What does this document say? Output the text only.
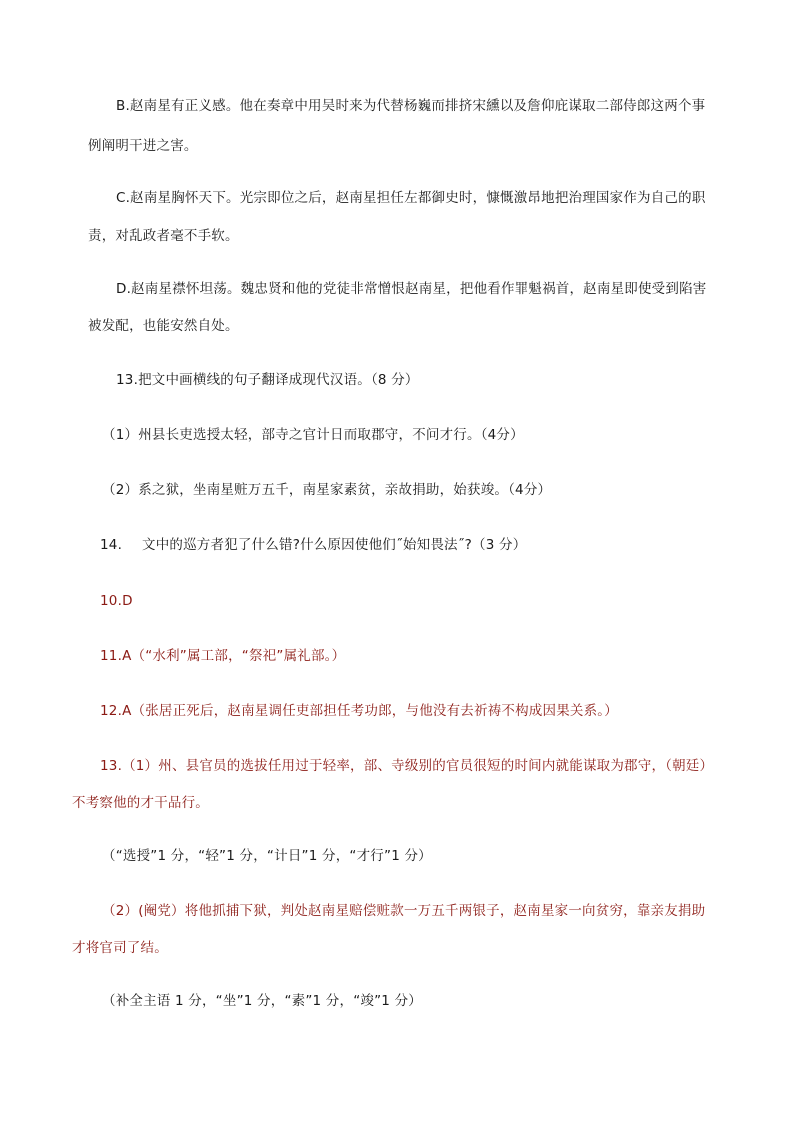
B.赵南星有正义感。他在奏章中用吴时来为代替杨巍而排挤宋纁以及詹仰庇谋取二部侍郎这两个事
例阐明干进之害。
C.赵南星胸怀天下。光宗即位之后，赵南星担任左都御史时，慷慨激昂地把治理国家作为自己的职
责，对乱政者毫不手软。
D.赵南星襟怀坦荡。魏忠贤和他的党徒非常憎恨赵南星，把他看作罪魁祸首，赵南星即使受到陷害
被发配，也能安然自处。
13.把文中画横线的句子翻译成现代汉语。（8 分）
（1）州县长吏选授太轻，部寺之官计日而取郡守，不问才行。（4分）
（2）系之狱，坐南星赃万五千，南星家素贫，亲故捐助，始获竣。（4分）
14. 文中的巡方者犯了什么错?什么原因使他们˝始知畏法˝?（3 分）
10.D
11.A（“水利”属工部，“祭祀”属礼部。）
12.A（张居正死后，赵南星调任吏部担任考功郎，与他没有去祈祷不构成因果关系。）
13.（1）州、县官员的选拔任用过于轻率，部、寺级别的官员很短的时间内就能谋取为郡守，（朝廷）
不考察他的才干品行。
（“选授”1 分，“轻”1 分，“计日”1 分，“才行”1 分）
（2）(阉党）将他抓捕下狱，判处赵南星赔偿赃款一万五千两银子，赵南星家一向贫穷，靠亲友捐助
才将官司了结。
（补全主语 1 分，“坐”1 分，“素”1 分，“竣”1 分）
